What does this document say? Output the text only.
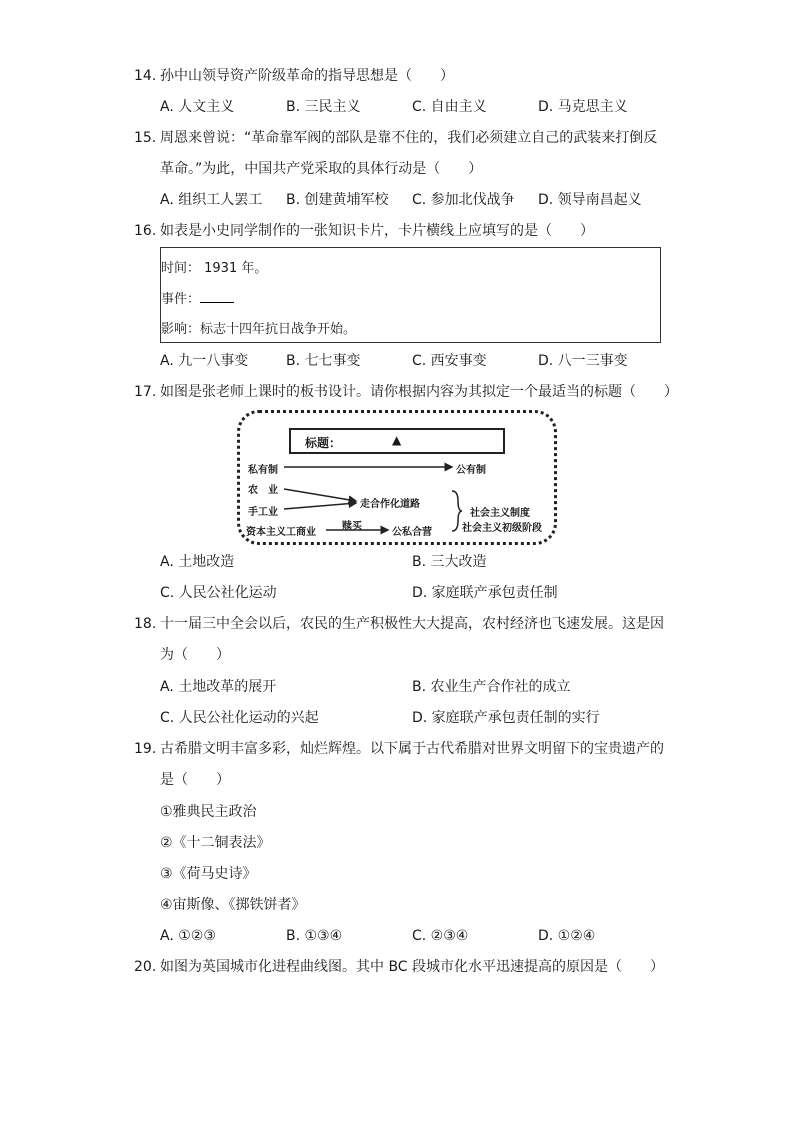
14. 孙中山领导资产阶级革命的指导思想是（　　）
A. 人文主义	B. 三民主义	C. 自由主义	D. 马克思主义
15. 周恩来曾说：“革命靠军阀的部队是靠不住的，我们必须建立自己的武装来打倒反
革命。”为此，中国共产党采取的具体行动是（　　）
A. 组织工人罢工 B. 创建黄埔军校 C. 参加北伐战争 D. 领导南昌起义
16. 如表是小史同学制作的一张知识卡片，卡片横线上应填写的是（　　）
时间： 1931 年。
事件：
影响：标志十四年抗日战争开始。
A. 九一八事变	B. 七七事变	C. 西安事变	D. 八一三事变
17. 如图是张老师上课时的板书设计。请你根据内容为其拟定一个最适当的标题（　　）
标题：	▲
私有制	公有制
农　业
手工业
资本主义工商业
走合作化道路
赎买
公私合营
社会主义制度
社会主义初级阶段
A. 土地改造	B. 三大改造
C. 人民公社化运动	D. 家庭联产承包责任制
18. 十一届三中全会以后，农民的生产积极性大大提高，农村经济也飞速发展。这是因
为（　　）
A. 土地改革的展开	B. 农业生产合作社的成立
C. 人民公社化运动的兴起	D. 家庭联产承包责任制的实行
19. 古希腊文明丰富多彩，灿烂辉煌。以下属于古代希腊对世界文明留下的宝贵遗产的
是（　　）
①雅典民主政治
②《十二铜表法》
③《荷马史诗》
④宙斯像、《掷铁饼者》
A. ①②③	B. ①③④	C. ②③④	D. ①②④
20. 如图为英国城市化进程曲线图。其中 BC 段城市化水平迅速提高的原因是（　　）
